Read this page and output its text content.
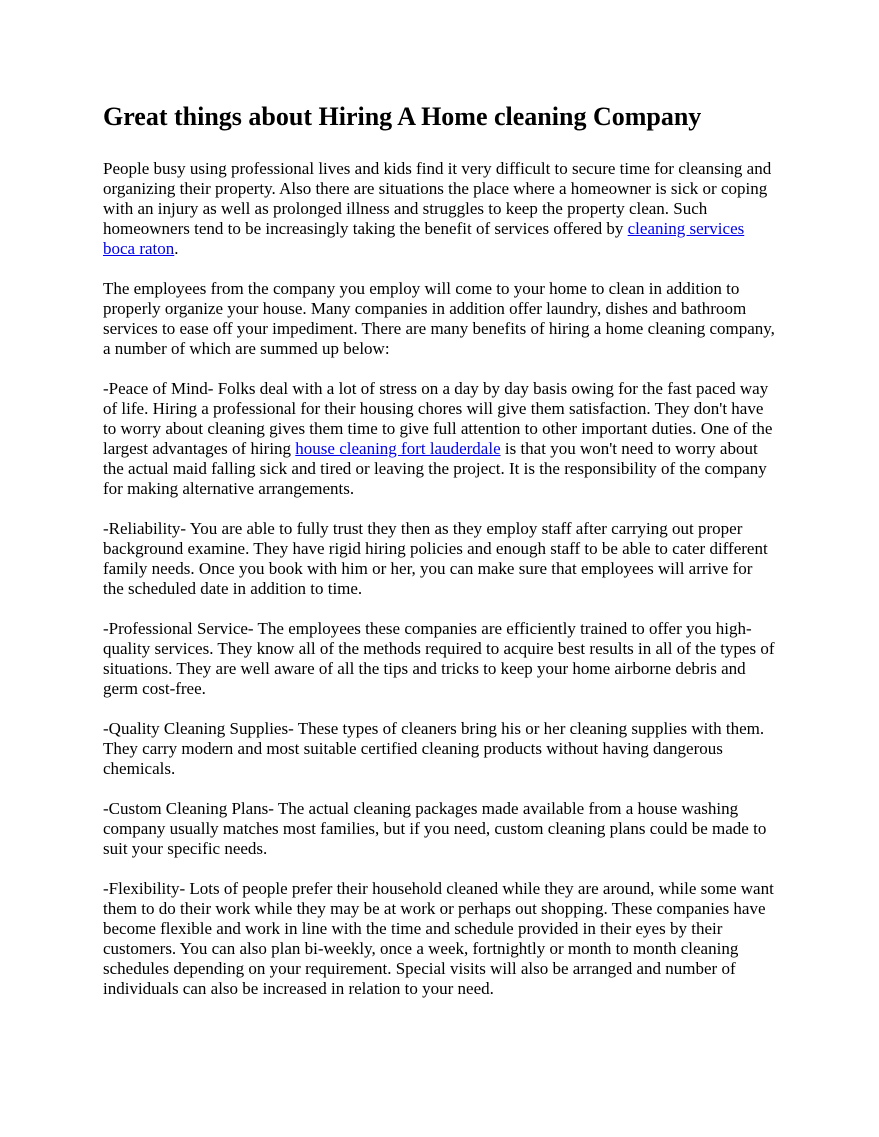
Great things about Hiring A Home cleaning Company

People busy using professional lives and kids find it very difficult to secure time for cleansing and organizing their property. Also there are situations the place where a homeowner is sick or coping with an injury as well as prolonged illness and struggles to keep the property clean. Such homeowners tend to be increasingly taking the benefit of services offered by cleaning services boca raton.

The employees from the company you employ will come to your home to clean in addition to properly organize your house. Many companies in addition offer laundry, dishes and bathroom services to ease off your impediment. There are many benefits of hiring a home cleaning company, a number of which are summed up below:

-Peace of Mind- Folks deal with a lot of stress on a day by day basis owing for the fast paced way of life. Hiring a professional for their housing chores will give them satisfaction. They don't have to worry about cleaning gives them time to give full attention to other important duties. One of the largest advantages of hiring house cleaning fort lauderdale is that you won't need to worry about the actual maid falling sick and tired or leaving the project. It is the responsibility of the company for making alternative arrangements.

-Reliability- You are able to fully trust they then as they employ staff after carrying out proper background examine. They have rigid hiring policies and enough staff to be able to cater different family needs. Once you book with him or her, you can make sure that employees will arrive for the scheduled date in addition to time.

-Professional Service- The employees these companies are efficiently trained to offer you high-quality services. They know all of the methods required to acquire best results in all of the types of situations. They are well aware of all the tips and tricks to keep your home airborne debris and germ cost-free.

-Quality Cleaning Supplies- These types of cleaners bring his or her cleaning supplies with them. They carry modern and most suitable certified cleaning products without having dangerous chemicals.

-Custom Cleaning Plans- The actual cleaning packages made available from a house washing company usually matches most families, but if you need, custom cleaning plans could be made to suit your specific needs.

-Flexibility- Lots of people prefer their household cleaned while they are around, while some want them to do their work while they may be at work or perhaps out shopping. These companies have become flexible and work in line with the time and schedule provided in their eyes by their customers. You can also plan bi-weekly, once a week, fortnightly or month to month cleaning schedules depending on your requirement. Special visits will also be arranged and number of individuals can also be increased in relation to your need.
